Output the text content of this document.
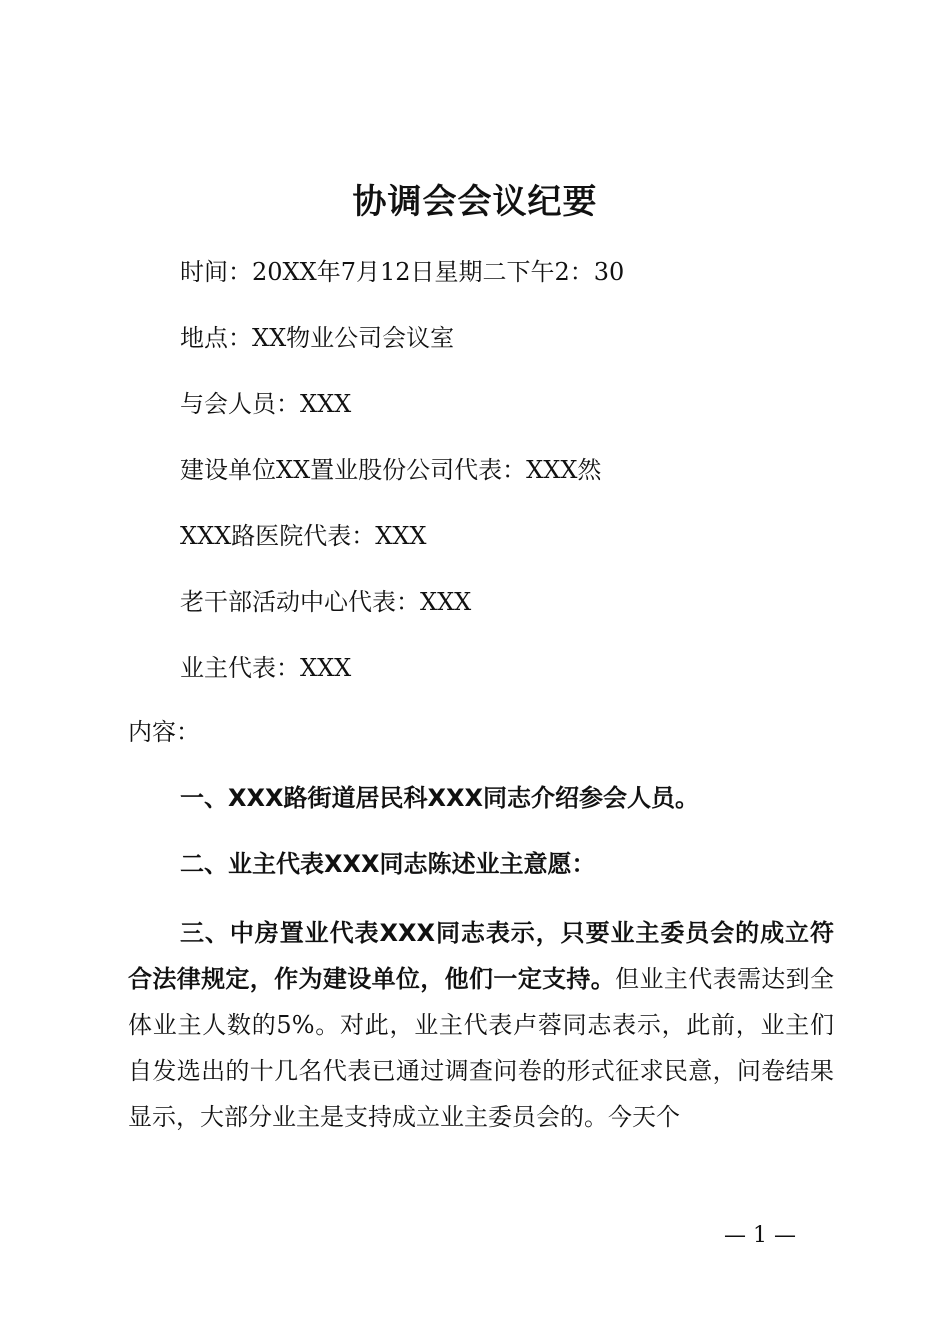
协调会会议纪要

时间：20XX年7月12日星期二下午2：30

地点：XX物业公司会议室

与会人员：XXX

建设单位XX置业股份公司代表：XXX然

XXX路医院代表：XXX

老干部活动中心代表：XXX

业主代表：XXX

内容：

一、XXX路街道居民科XXX同志介绍参会人员。

二、业主代表XXX同志陈述业主意愿：

三、中房置业代表XXX同志表示，只要业主委员会的成立符合法律规定，作为建设单位，他们一定支持。但业主代表需达到全体业主人数的5%。对此，业主代表卢蓉同志表示，此前，业主们自发选出的十几名代表已通过调查问卷的形式征求民意，问卷结果显示，大部分业主是支持成立业主委员会的。今天个

— 1 —
